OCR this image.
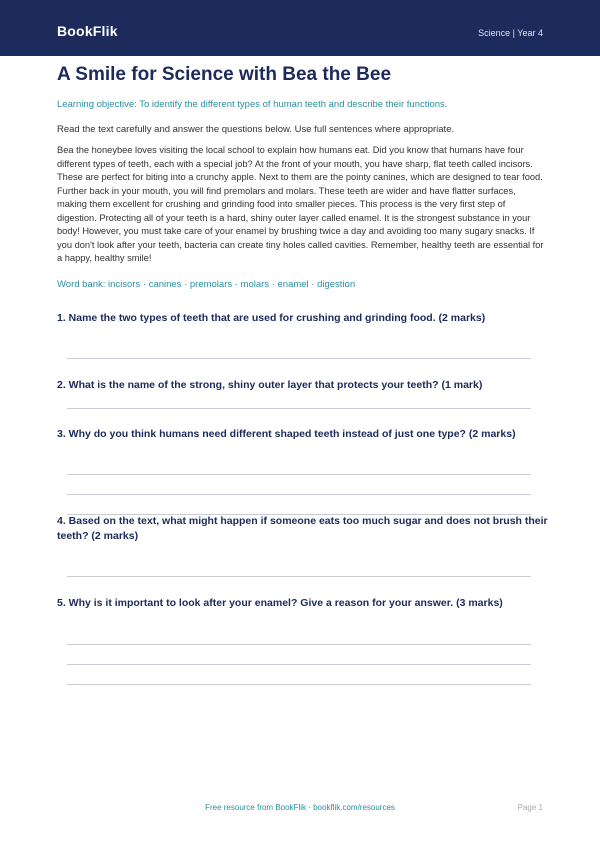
BookFlik	Science | Year 4
A Smile for Science with Bea the Bee
Learning objective: To identify the different types of human teeth and describe their functions.
Read the text carefully and answer the questions below. Use full sentences where appropriate.
Bea the honeybee loves visiting the local school to explain how humans eat. Did you know that humans have four different types of teeth, each with a special job? At the front of your mouth, you have sharp, flat teeth called incisors. These are perfect for biting into a crunchy apple. Next to them are the pointy canines, which are designed to tear food. Further back in your mouth, you will find premolars and molars. These teeth are wider and have flatter surfaces, making them excellent for crushing and grinding food into smaller pieces. This process is the very first step of digestion. Protecting all of your teeth is a hard, shiny outer layer called enamel. It is the strongest substance in your body! However, you must take care of your enamel by brushing twice a day and avoiding too many sugary snacks. If you don't look after your teeth, bacteria can create tiny holes called cavities. Remember, healthy teeth are essential for a happy, healthy smile!
Word bank: incisors · canines · premolars · molars · enamel · digestion
1. Name the two types of teeth that are used for crushing and grinding food. (2 marks)
2. What is the name of the strong, shiny outer layer that protects your teeth? (1 mark)
3. Why do you think humans need different shaped teeth instead of just one type? (2 marks)
4. Based on the text, what might happen if someone eats too much sugar and does not brush their teeth? (2 marks)
5. Why is it important to look after your enamel? Give a reason for your answer. (3 marks)
Free resource from BookFlik · bookflik.com/resources	Page 1
